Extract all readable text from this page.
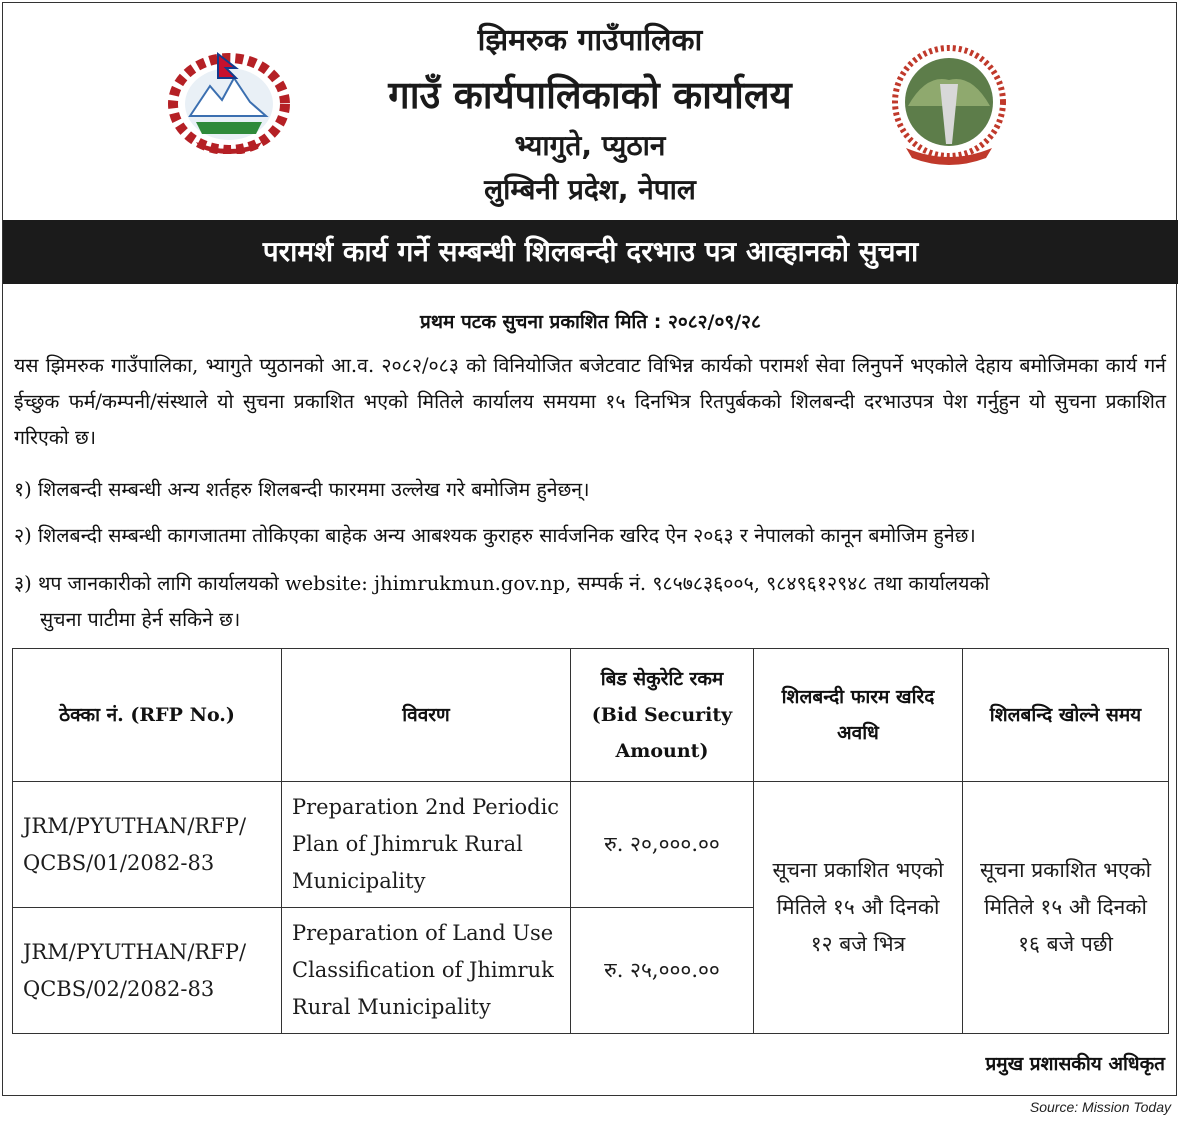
झिमरुक गाउँपालिका
गाउँ कार्यपालिकाको कार्यालय
भ्यागुते, प्युठान
लुम्बिनी प्रदेश, नेपाल
परामर्श कार्य गर्ने सम्बन्धी शिलबन्दी दरभाउ पत्र आव्हानको सुचना
प्रथम पटक सुचना प्रकाशित मिति : २०८२/०९/२८
यस झिमरुक गाउँपालिका, भ्यागुते प्युठानको आ.व. २०८२/०८३ को विनियोजित बजेटवाट विभिन्न कार्यको परामर्श सेवा लिनुपर्ने भएकोले देहाय बमोजिमका कार्य गर्न ईच्छुक फर्म/कम्पनी/संस्थाले यो सुचना प्रकाशित भएको मितिले कार्यालय समयमा १५ दिनभित्र रितपुर्बकको शिलबन्दी दरभाउपत्र पेश गर्नुहुन यो सुचना प्रकाशित गरिएको छ।
१) शिलबन्दी सम्बन्धी अन्य शर्तहरु शिलबन्दी फारममा उल्लेख गरे बमोजिम हुनेछन्।
२) शिलबन्दी सम्बन्धी कागजातमा तोकिएका बाहेक अन्य आबश्यक कुराहरु सार्वजनिक खरिद ऐन २०६३ र नेपालको कानून बमोजिम हुनेछ।
३) थप जानकारीको लागि कार्यालयको website: jhimrukmun.gov.np, सम्पर्क नं. ९८५७८३६००५, ९८४९६१२९४८ तथा कार्यालयको
सुचना पाटीमा हेर्न सकिने छ।
ठेक्का नं. (RFP No.)	विवरण	बिड सेकुरेटि रकम (Bid Security Amount)	शिलबन्दी फारम खरिद अवधि	शिलबन्दि खोल्ने समय
JRM/PYUTHAN/RFP/ QCBS/01/2082-83	Preparation 2nd Periodic Plan of Jhimruk Rural Municipality	रु. २०,०००.००	सूचना प्रकाशित भएको मितिले १५ औ दिनको १२ बजे भित्र	सूचना प्रकाशित भएको मितिले १५ औ दिनको १६ बजे पछी
JRM/PYUTHAN/RFP/ QCBS/02/2082-83	Preparation of Land Use Classification of Jhimruk Rural Municipality	रु. २५,०००.००		
प्रमुख प्रशासकीय अधिकृत
Source: Mission Today
